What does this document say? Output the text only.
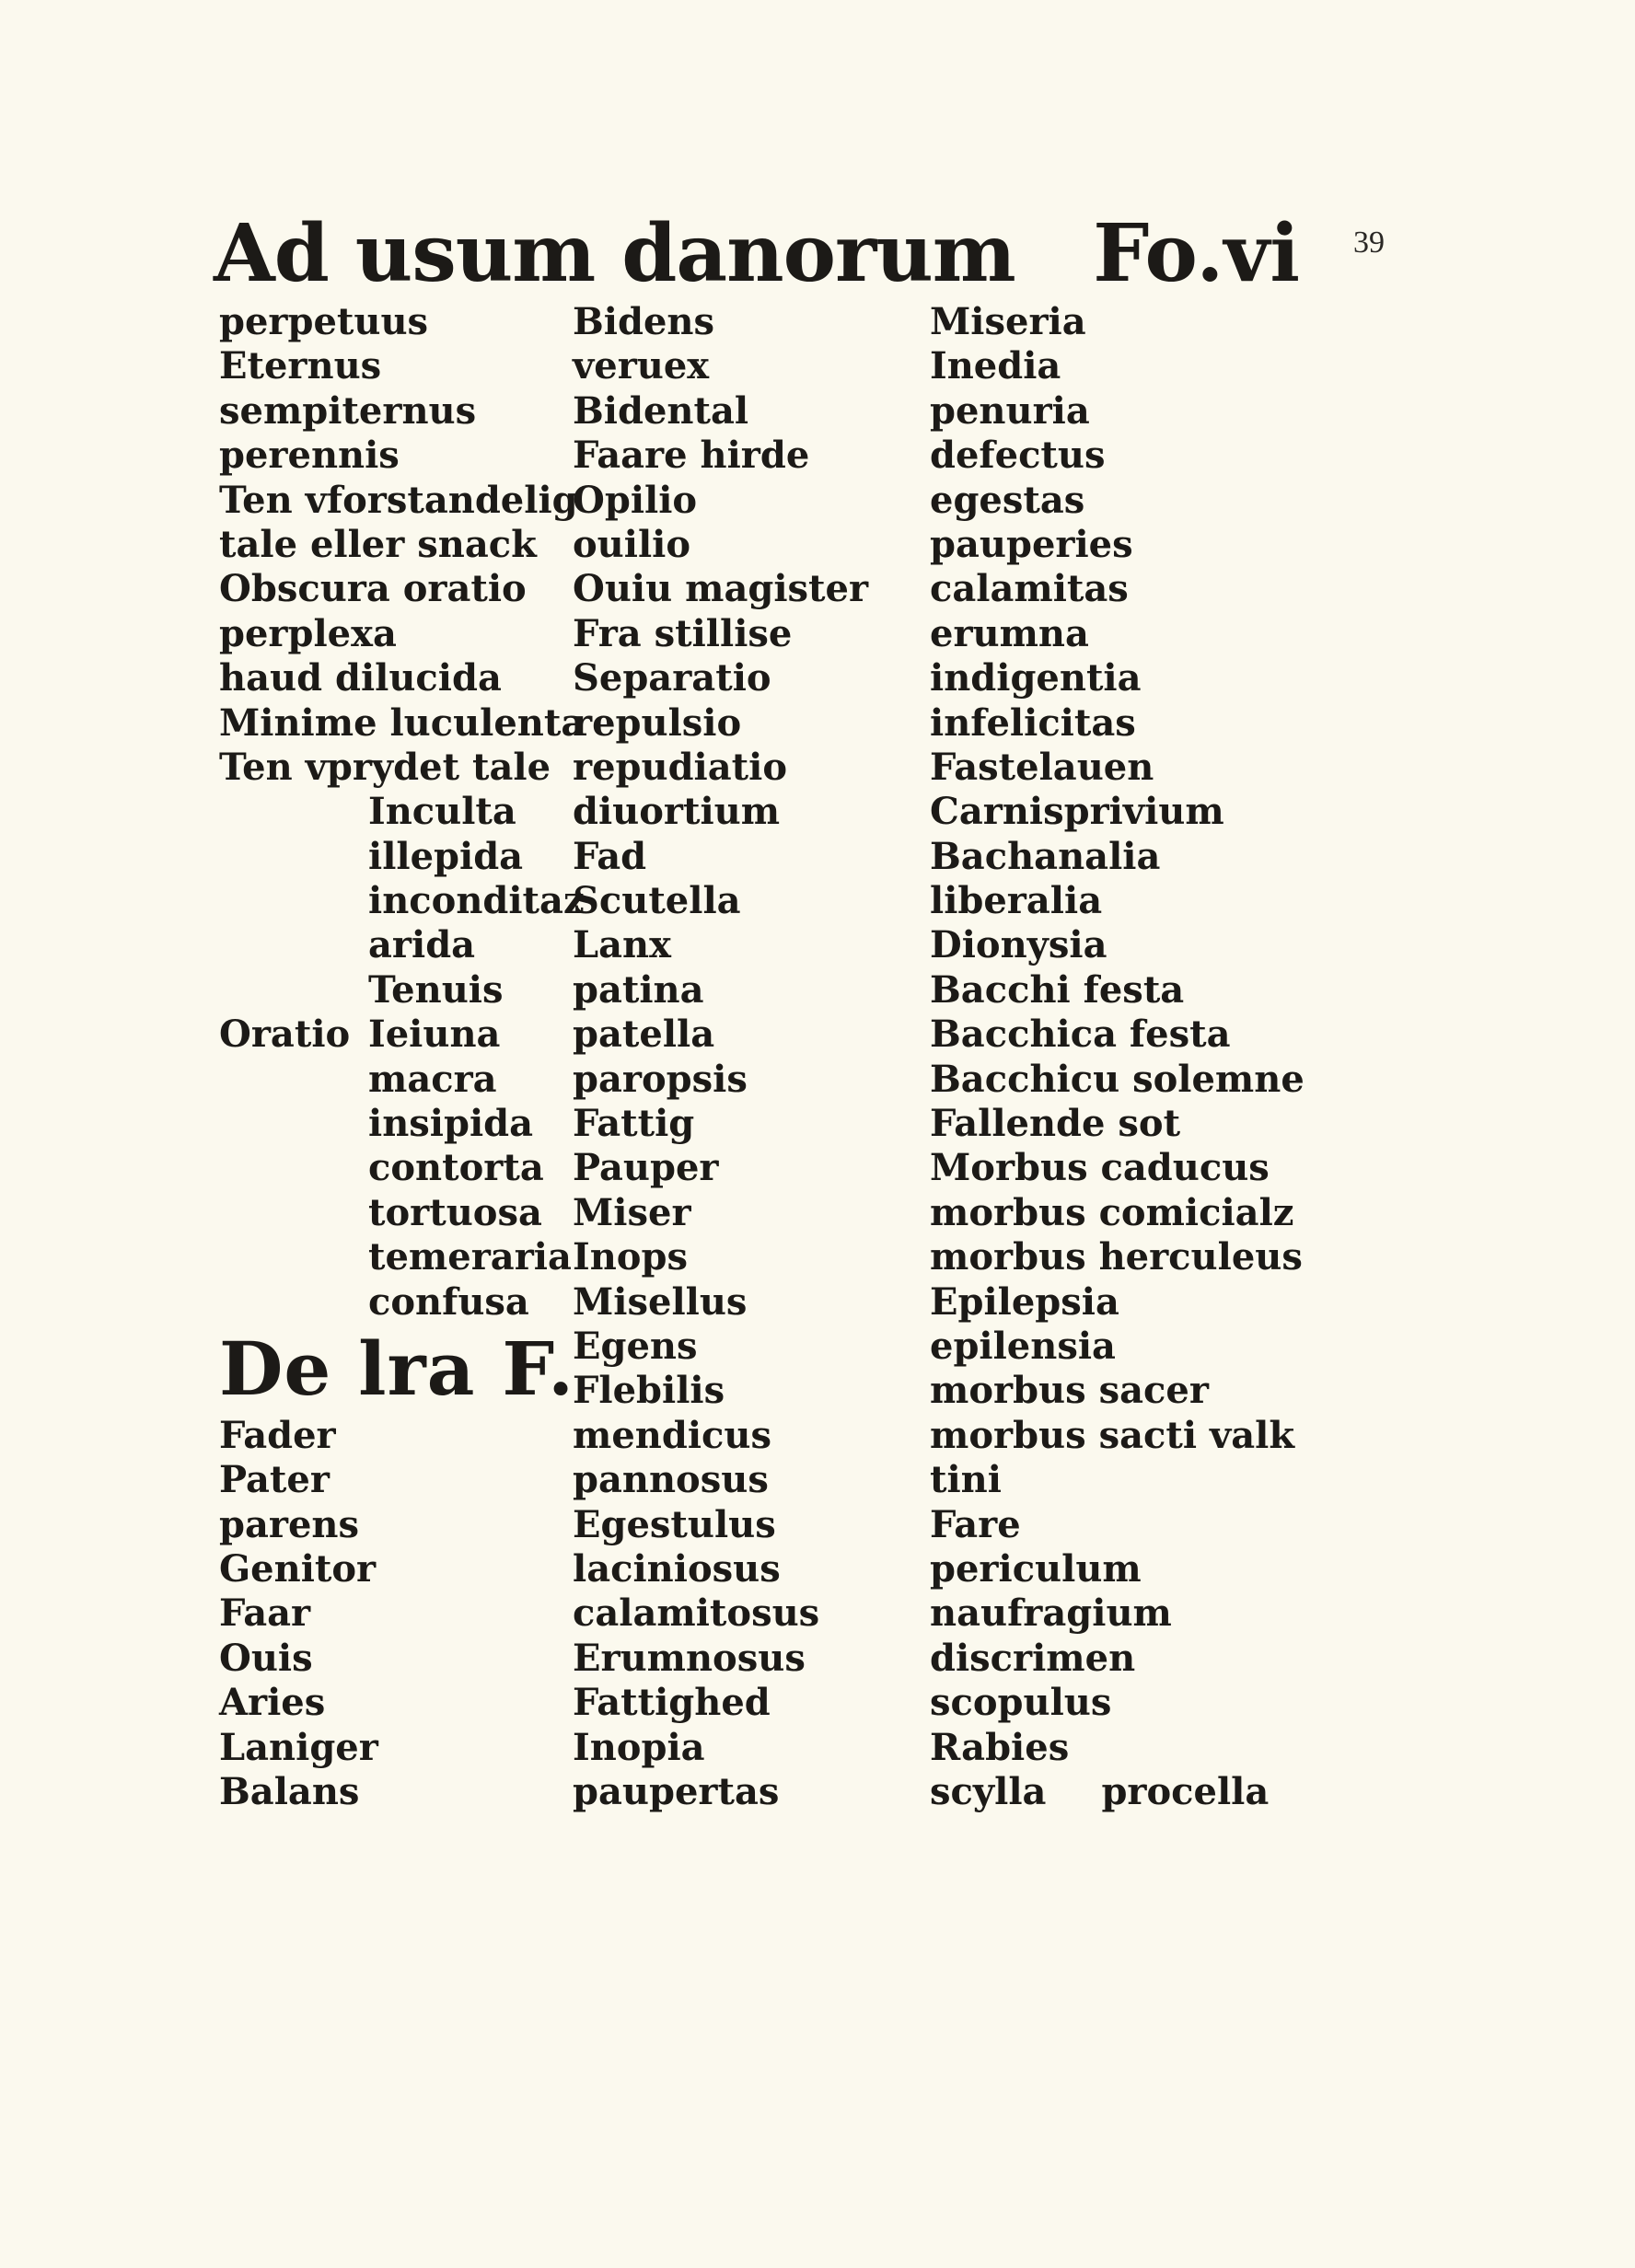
Ad usum danorum Fo.vi 39
perpetuus
Eternus
sempiternus
perennis
Ten vforstandelig
tale eller snack
Obscura oratio
perplexa
haud dilucida
Minime luculenta
Ten vprydet tale
Inculta
illepida
inconditaz
arida
Tenuis
Oratio Ieiuna
macra
insipida
contorta
tortuosa
temeraria
confusa
De lra F.
Fader
Pater
parens
Genitor
Faar
Ouis
Aries
Laniger
Balans
Bidens
veruex
Bidental
Faare hirde
Opilio
ouilio
Ouiu magister
Fra stillise
Separatio
repulsio
repudiatio
diuortium
Fad
Scutella
Lanx
patina
patella
paropsis
Fattig
Pauper
Miser
Inops
Misellus
Egens
Flebilis
mendicus
pannosus
Egestulus
laciniosus
calamitosus
Erumnosus
Fattighed
Inopia
paupertas
Miseria
Inedia
penuria
defectus
egestas
pauperies
calamitas
erumna
indigentia
infelicitas
Fastelauen
Carnisprivium
Bachanalia
liberalia
Dionysia
Bacchi festa
Bacchica festa
Bacchicu solemne
Fallende sot
Morbus caducus
morbus comicialz
morbus herculeus
Epilepsia
epilensia
morbus sacer
morbus sacti valk
tini
Fare
periculum
naufragium
discrimen
scopulus
Rabies
scylla procella
